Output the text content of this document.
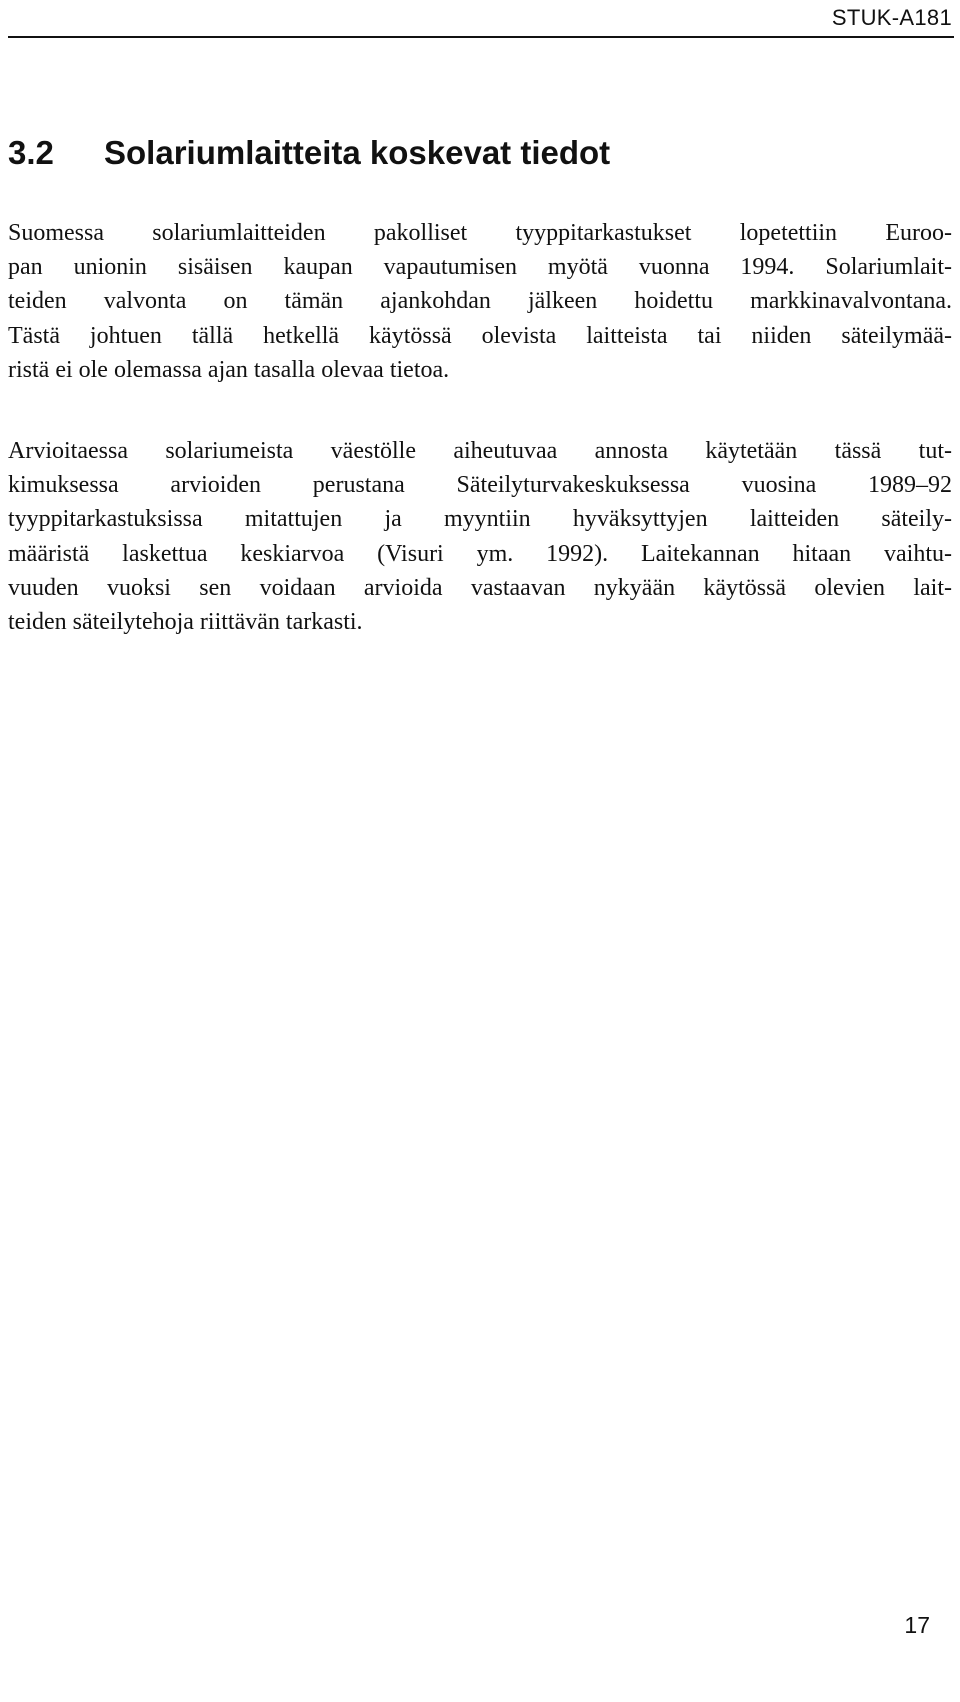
STUK-A181
3.2 Solariumlaitteita koskevat tiedot

Suomessa solariumlaitteiden pakolliset tyyppitarkastukset lopetettiin Euroo-
pan unionin sisäisen kaupan vapautumisen myötä vuonna 1994. Solariumlait-
teiden valvonta on tämän ajankohdan jälkeen hoidettu markkinavalvontana.
Tästä johtuen tällä hetkellä käytössä olevista laitteista tai niiden säteilymää-
ristä ei ole olemassa ajan tasalla olevaa tietoa.

Arvioitaessa solariumeista väestölle aiheutuvaa annosta käytetään tässä tut-
kimuksessa arvioiden perustana Säteilyturvakeskuksessa vuosina 1989–92
tyyppitarkastuksissa mitattujen ja myyntiin hyväksyttyjen laitteiden säteily-
määristä laskettua keskiarvoa (Visuri ym. 1992). Laitekannan hitaan vaihtu-
vuuden vuoksi sen voidaan arvioida vastaavan nykyään käytössä olevien lait-
teiden säteilytehoja riittävän tarkasti.

17
